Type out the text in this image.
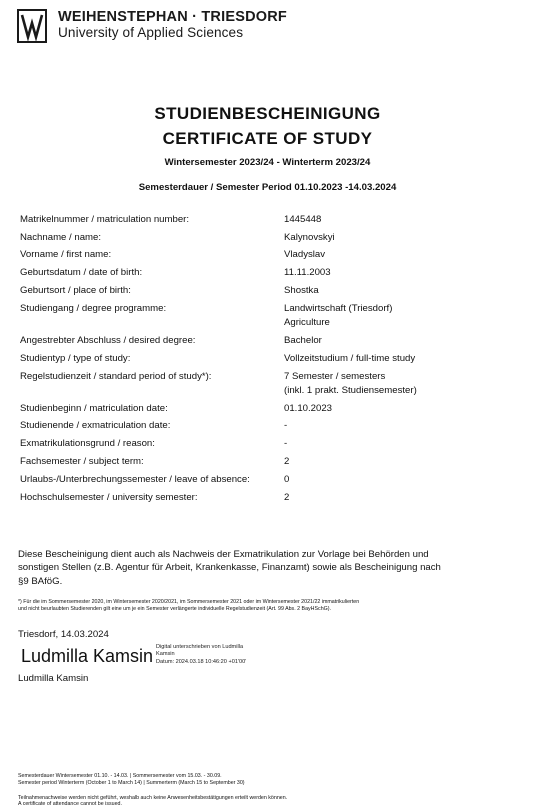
WEIHENSTEPHAN · TRIESDORF
University of Applied Sciences
STUDIENBESCHEINIGUNG
CERTIFICATE OF STUDY
Wintersemester 2023/24 - Winterterm 2023/24
Semesterdauer / Semester Period 01.10.2023 -14.03.2024
Matrikelnummer / matriculation number:	1445448
Nachname / name:	Kalynovskyi
Vorname / first name:	Vladyslav
Geburtsdatum / date of birth:	11.11.2003
Geburtsort / place of birth:	Shostka
Studiengang / degree programme:	Landwirtschaft (Triesdorf)
Agriculture
Angestrebter Abschluss / desired degree:	Bachelor
Studientyp / type of study:	Vollzeitstudium / full-time study
Regelstudienzeit / standard period of study*):	7 Semester / semesters
(inkl. 1 prakt. Studiensemester)
Studienbeginn / matriculation date:	01.10.2023
Studienende / exmatriculation date:	-
Exmatrikulationsgrund / reason:	-
Fachsemester / subject term:	2
Urlaubs-/Unterbrechungssemester / leave of absence:	0
Hochschulsemester / university semester:	2
Diese Bescheinigung dient auch als Nachweis der Exmatrikulation zur Vorlage bei Behörden und
sonstigen Stellen (z.B. Agentur für Arbeit, Krankenkasse, Finanzamt) sowie als Bescheinigung nach
§9 BAföG.
*) Für die im Sommersemester 2020, im Wintersemester 2020/2021, im Sommersemester 2021 oder im Wintersemester 2021/22 immatrikulierten
und nicht beurlaubten Studierenden gilt eine um je ein Semester verlängerte individuelle Regelstudienzeit (Art. 99 Abs. 2 BayHSchG).
Triesdorf, 14.03.2024
Ludmilla Kamsin Digital unterschrieben von Ludmilla
Kamsin
Datum: 2024.03.18 10:46:20 +01'00'
Ludmilla Kamsin
Semesterdauer Wintersemester 01.10. - 14.03. | Sommersemester vom 15.03. - 30.09.
Semester period Winterterm (October 1 to March 14) | Summerterm (March 15 to September 30)
Teilnahmenachweise werden nicht geführt, weshalb auch keine Anwesenheitsbestätigungen erteilt werden können.
A certificate of attendance cannot be issued.
